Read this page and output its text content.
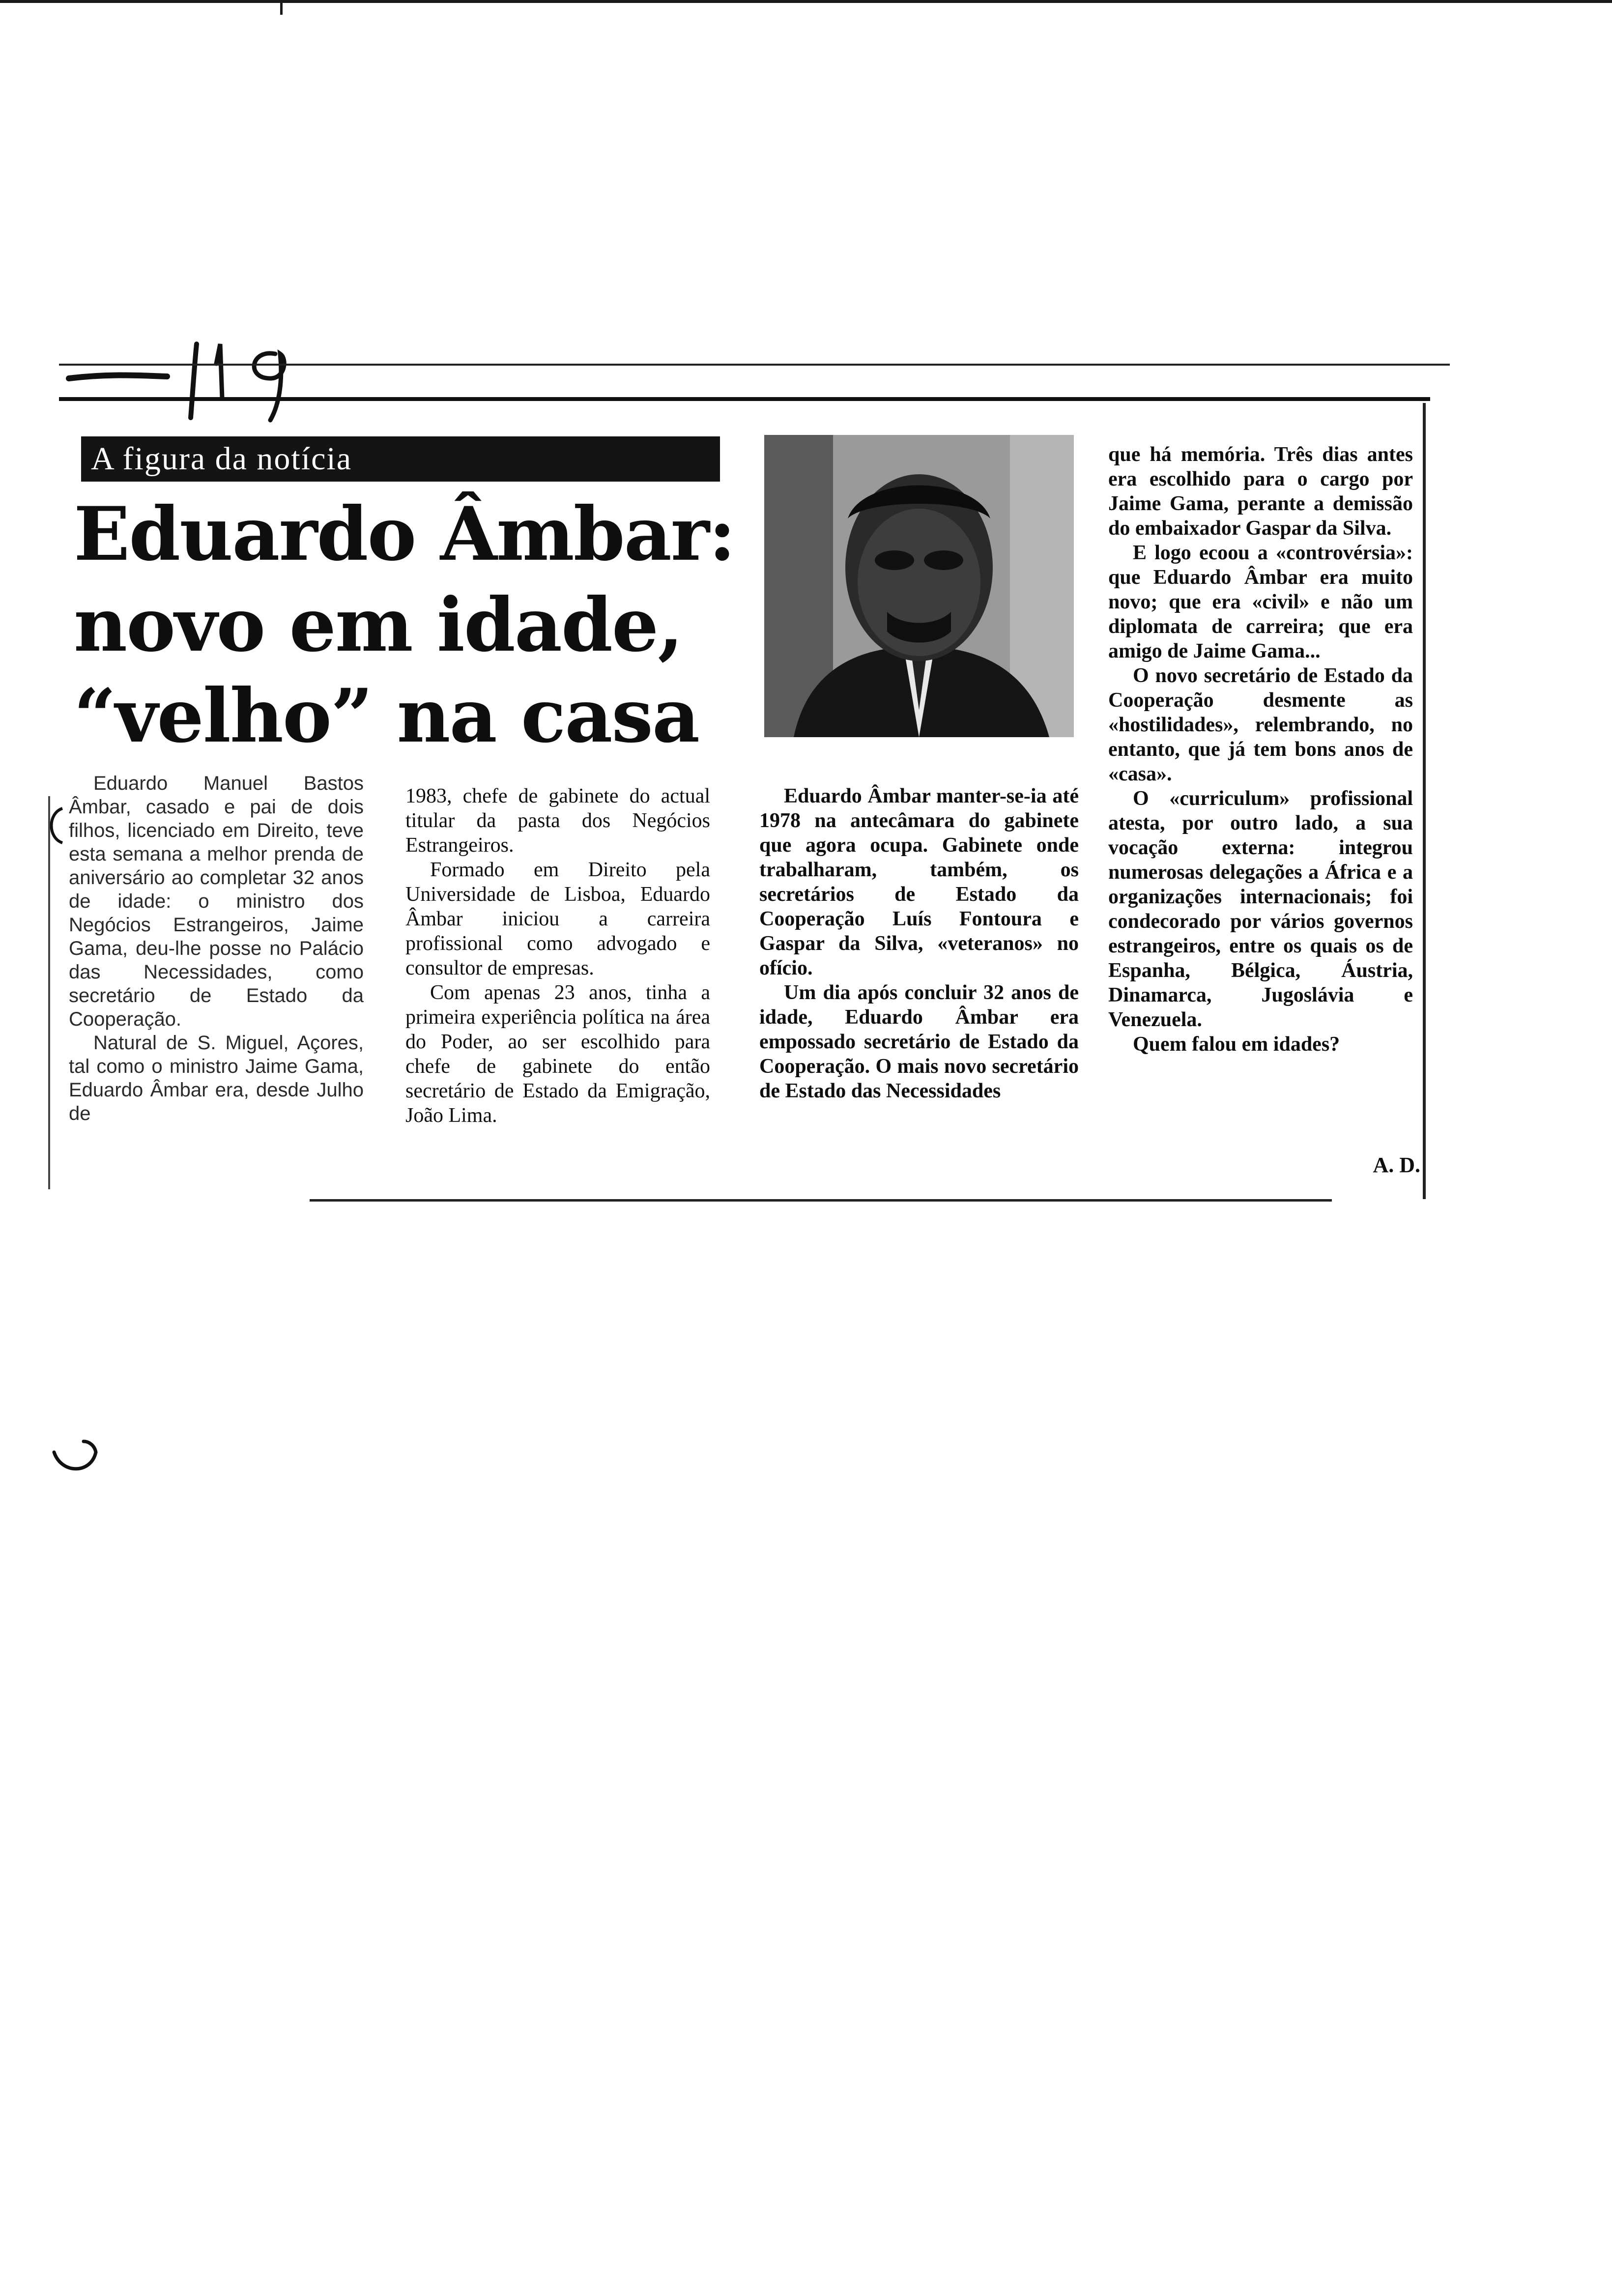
A figura da notícia
Eduardo Âmbar:
novo em idade,
“velho” na casa

Eduardo Manuel Bastos Âmbar, casado e pai de dois filhos, licenciado em Direito, teve esta semana a melhor prenda de aniversário ao completar 32 anos de idade: o ministro dos Negócios Estrangeiros, Jaime Gama, deu-lhe posse no Palácio das Necessidades, como secretário de Estado da Cooperação.

Natural de S. Miguel, Açores, tal como o ministro Jaime Gama, Eduardo Âmbar era, desde Julho de

1983, chefe de gabinete do actual titular da pasta dos Negócios Estrangeiros.

Formado em Direito pela Universidade de Lisboa, Eduardo Âmbar iniciou a carreira profissional como advogado e consultor de empresas.

Com apenas 23 anos, tinha a primeira experiência política na área do Poder, ao ser escolhido para chefe de gabinete do então secretário de Estado da Emigração, João Lima.

Eduardo Âmbar manter-se-ia até 1978 na antecâmara do gabinete que agora ocupa. Gabinete onde trabalharam, também, os secretários de Estado da Cooperação Luís Fontoura e Gaspar da Silva, «veteranos» no ofício.

Um dia após concluir 32 anos de idade, Eduardo Âmbar era empossado secretário de Estado da Cooperação. O mais novo secretário de Estado das Necessidades

que há memória. Três dias antes era escolhido para o cargo por Jaime Gama, perante a demissão do embaixador Gaspar da Silva.

E logo ecoou a «controvérsia»: que Eduardo Âmbar era muito novo; que era «civil» e não um diplomata de carreira; que era amigo de Jaime Gama...

O novo secretário de Estado da Cooperação desmente as «hostilidades», relembrando, no entanto, que já tem bons anos de «casa».

O «curriculum» profissional atesta, por outro lado, a sua vocação externa: integrou numerosas delegações a África e a organizações internacionais; foi condecorado por vários governos estrangeiros, entre os quais os de Espanha, Bélgica, Áustria, Dinamarca, Jugoslávia e Venezuela.

Quem falou em idades?

A. D.
